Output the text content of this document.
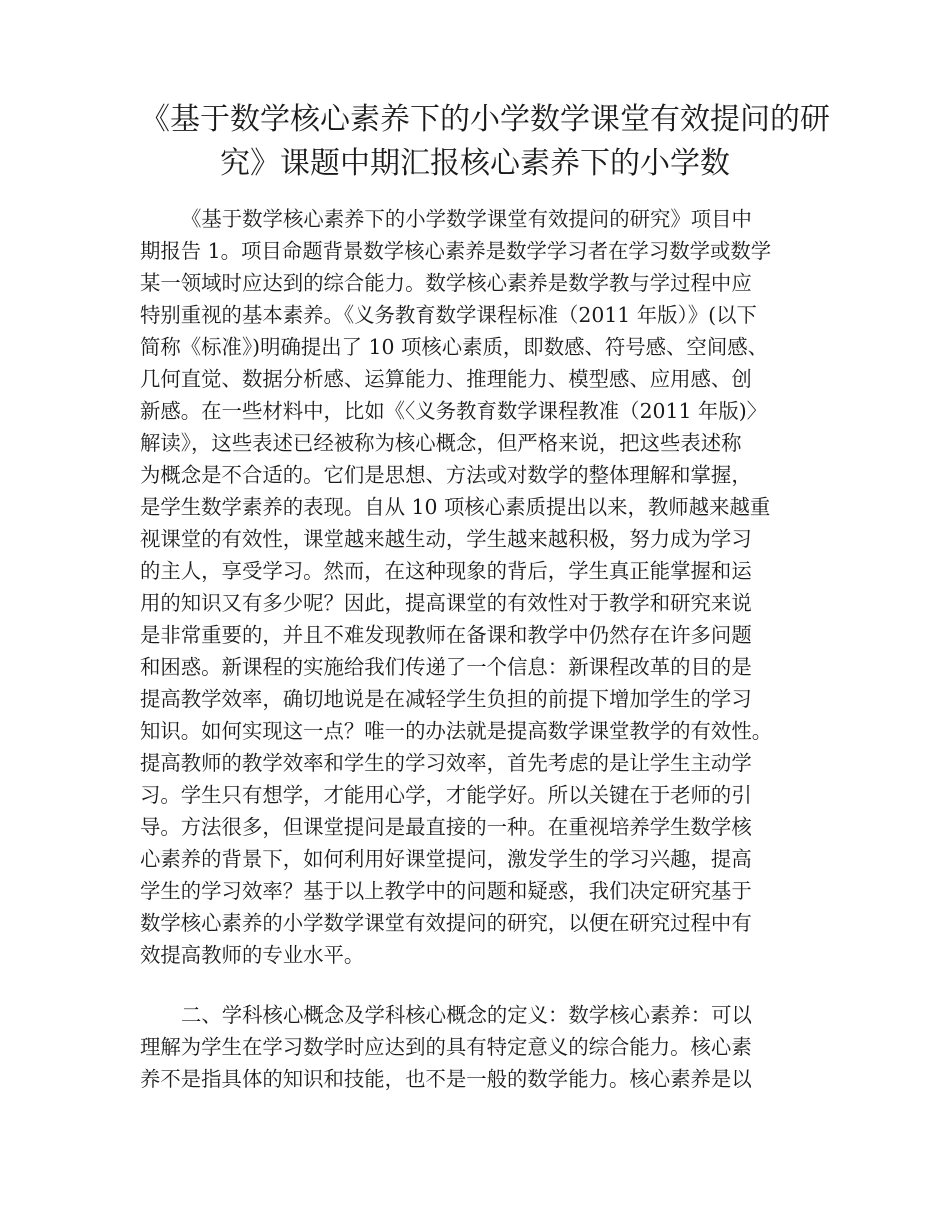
《基于数学核心素养下的小学数学课堂有效提问的研
究》课题中期汇报核心素养下的小学数
《基于数学核心素养下的小学数学课堂有效提问的研究》项目中
期报告 1。项目命题背景数学核心素养是数学学习者在学习数学或数学
某一领域时应达到的综合能力。数学核心素养是数学教与学过程中应
特别重视的基本素养。《义务教育数学课程标准（2011 年版）》(以下
简称《标准》)明确提出了 10 项核心素质，即数感、符号感、空间感、
几何直觉、数据分析感、运算能力、推理能力、模型感、应用感、创
新感。在一些材料中，比如《〈义务教育数学课程教准（2011 年版)〉
解读》，这些表述已经被称为核心概念，但严格来说，把这些表述称
为概念是不合适的。它们是思想、方法或对数学的整体理解和掌握，
是学生数学素养的表现。自从 10 项核心素质提出以来，教师越来越重
视课堂的有效性，课堂越来越生动，学生越来越积极，努力成为学习
的主人，享受学习。然而，在这种现象的背后，学生真正能掌握和运
用的知识又有多少呢？因此，提高课堂的有效性对于教学和研究来说
是非常重要的，并且不难发现教师在备课和教学中仍然存在许多问题
和困惑。新课程的实施给我们传递了一个信息：新课程改革的目的是
提高教学效率，确切地说是在减轻学生负担的前提下增加学生的学习
知识。如何实现这一点？唯一的办法就是提高数学课堂教学的有效性。
提高教师的教学效率和学生的学习效率，首先考虑的是让学生主动学
习。学生只有想学，才能用心学，才能学好。所以关键在于老师的引
导。方法很多，但课堂提问是最直接的一种。在重视培养学生数学核
心素养的背景下，如何利用好课堂提问，激发学生的学习兴趣，提高
学生的学习效率？基于以上教学中的问题和疑惑，我们决定研究基于
数学核心素养的小学数学课堂有效提问的研究，以便在研究过程中有
效提高教师的专业水平。
二、学科核心概念及学科核心概念的定义：数学核心素养：可以
理解为学生在学习数学时应达到的具有特定意义的综合能力。核心素
养不是指具体的知识和技能，也不是一般的数学能力。核心素养是以
